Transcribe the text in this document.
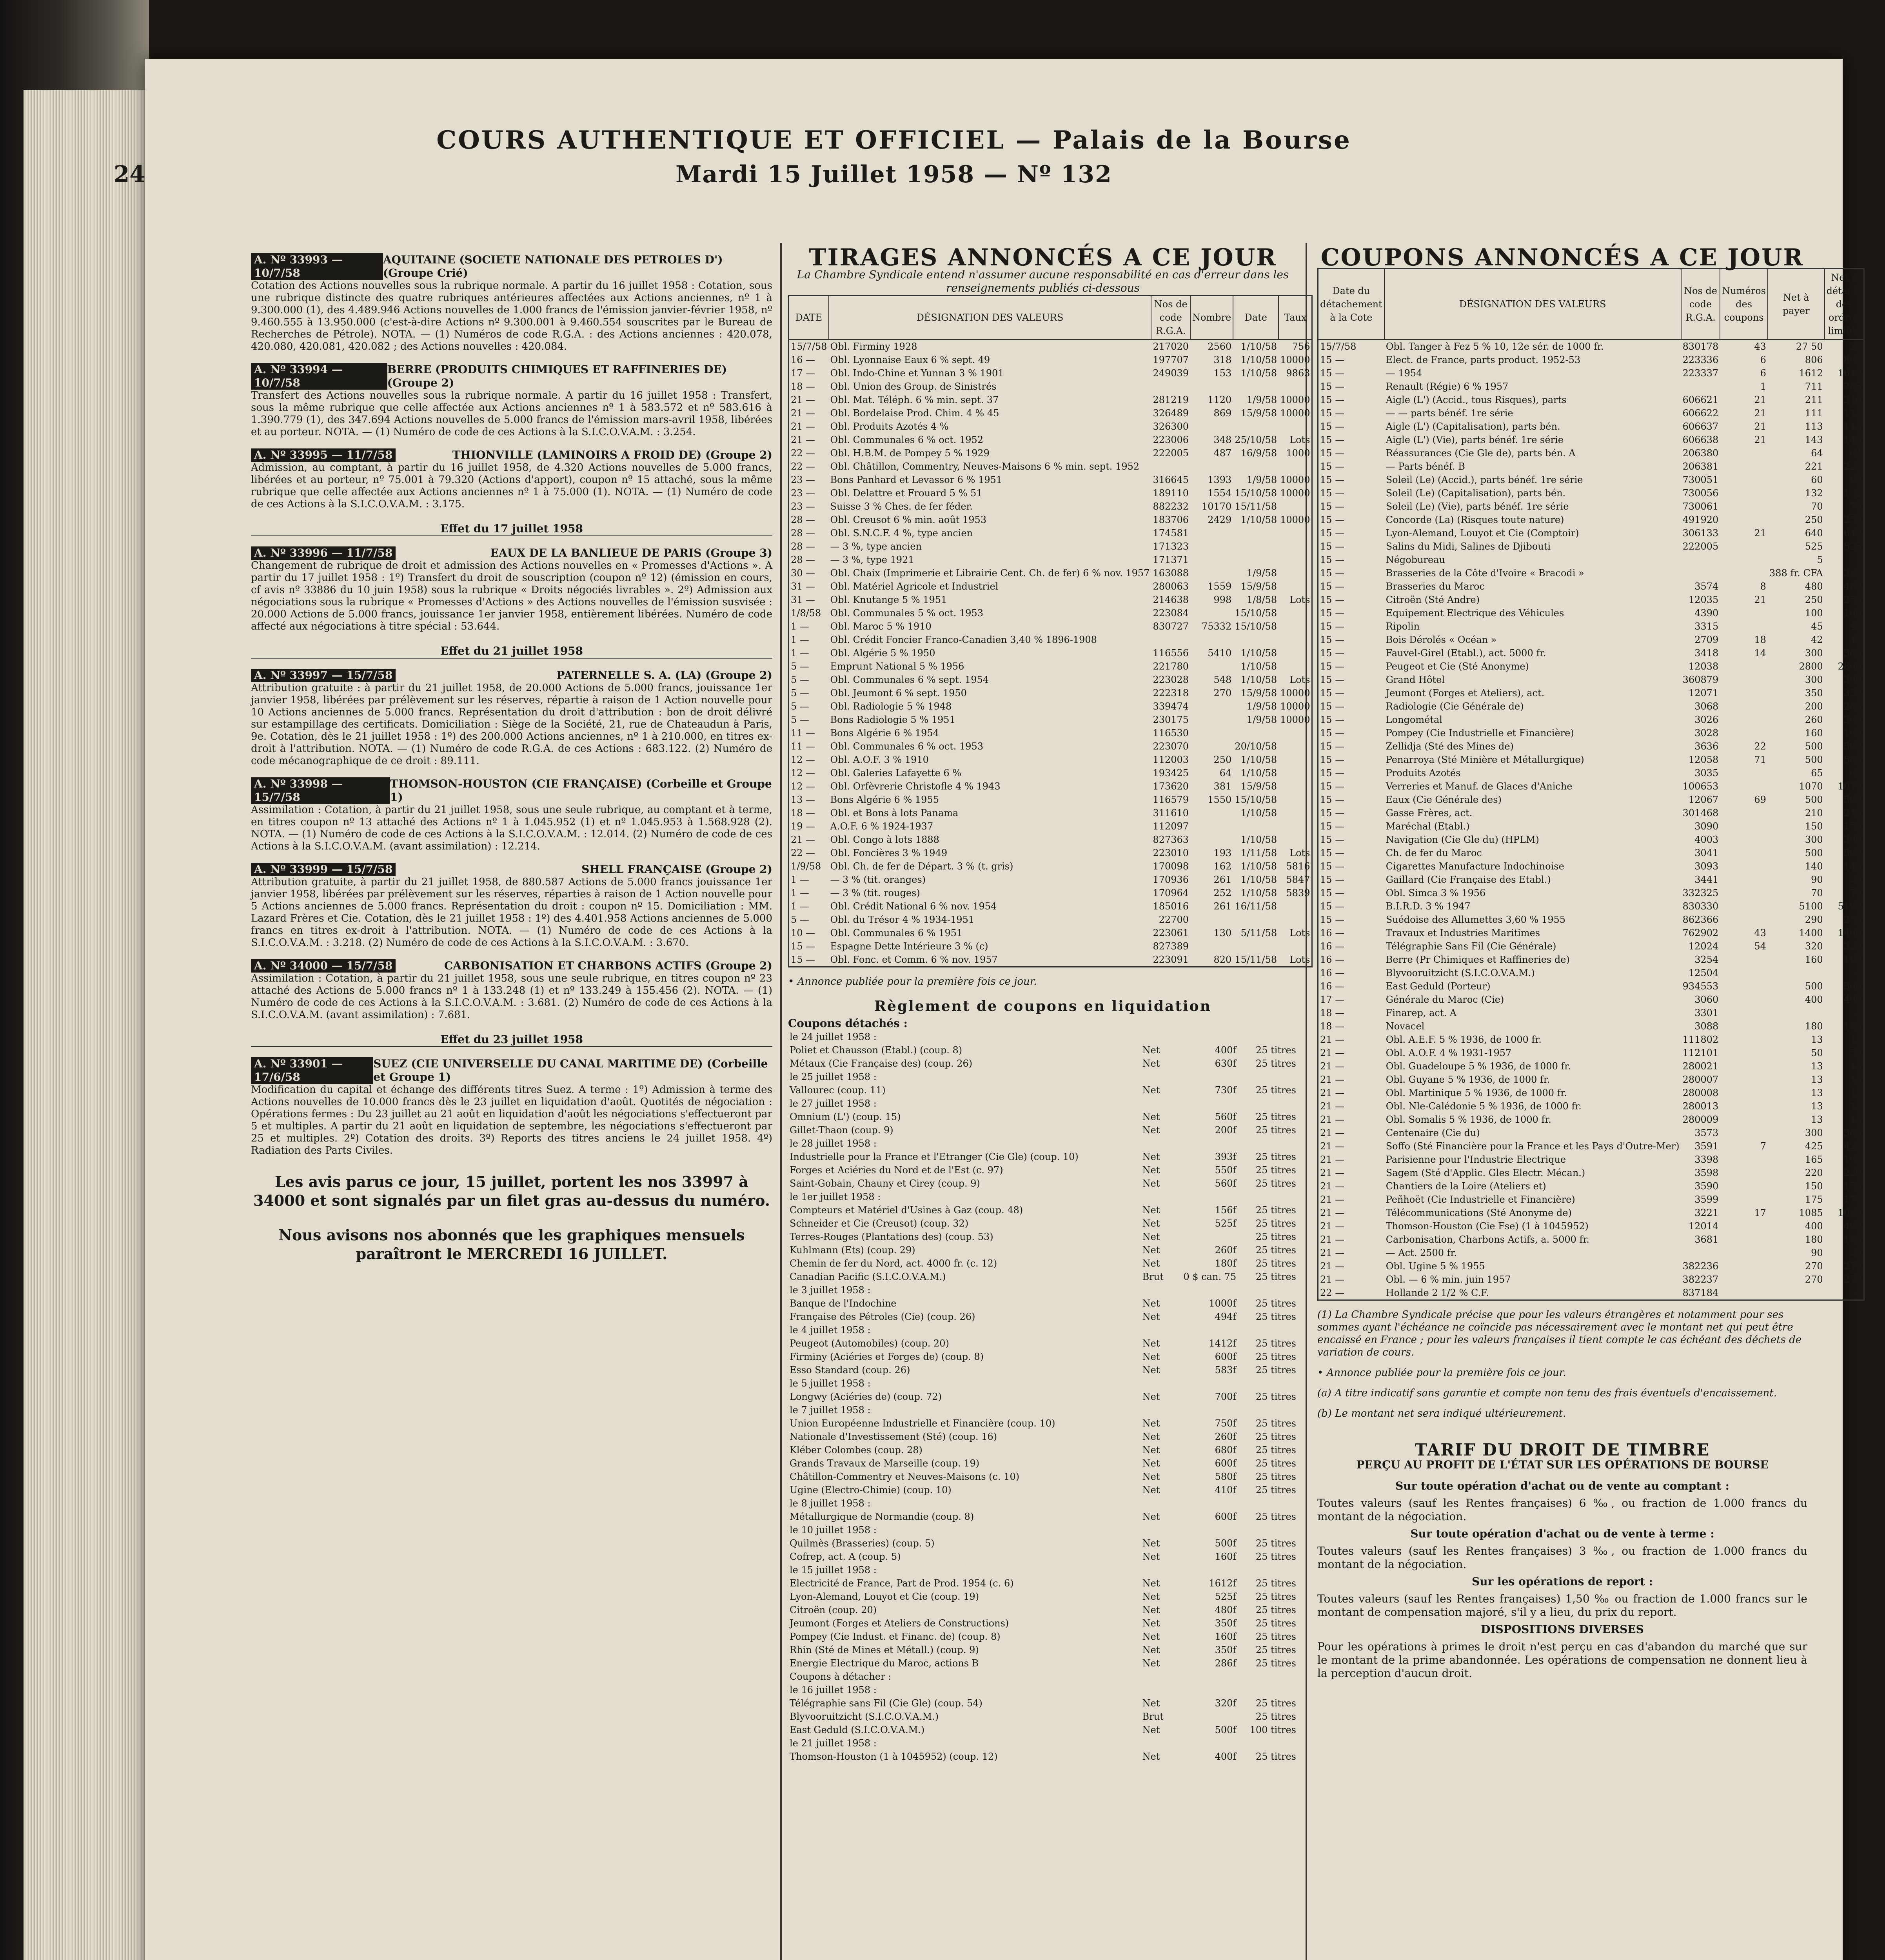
24
COURS AUTHENTIQUE ET OFFICIEL — Palais de la Bourse
Mardi 15 Juillet 1958 — Nº 132
A. Nº 33993 — 10/7/58
AQUITAINE (SOCIETE NATIONALE DES PETROLES D') (Groupe Crié)
Cotation des Actions nouvelles sous la rubrique normale. A partir du 16 juillet 1958 : Cotation, sous une rubrique distincte des quatre rubriques antérieures affectées aux Actions anciennes, nº 1 à 9.300.000 (1), des 4.489.946 Actions nouvelles de 1.000 francs de l'émission janvier-février 1958, nº 9.460.555 à 13.950.000 (c'est-à-dire Actions nº 9.300.001 à 9.460.554 souscrites par le Bureau de Recherches de Pétrole). NOTA. — (1) Numéros de code R.G.A. : des Actions anciennes : 420.078, 420.080, 420.081, 420.082 ; des Actions nouvelles : 420.084.
A. Nº 33994 — 10/7/58
BERRE (PRODUITS CHIMIQUES ET RAFFINERIES DE) (Groupe 2)
Transfert des Actions nouvelles sous la rubrique normale. A partir du 16 juillet 1958 : Transfert, sous la même rubrique que celle affectée aux Actions anciennes nº 1 à 583.572 et nº 583.616 à 1.390.779 (1), des 347.694 Actions nouvelles de 5.000 francs de l'émission mars-avril 1958, libérées et au porteur. NOTA. — (1) Numéro de code de ces Actions à la S.I.C.O.V.A.M. : 3.254.
A. Nº 33995 — 11/7/58	THIONVILLE (LAMINOIRS A FROID DE) (Groupe 2)
Admission, au comptant, à partir du 16 juillet 1958, de 4.320 Actions nouvelles de 5.000 francs, libérées et au porteur, nº 75.001 à 79.320 (Actions d'apport), coupon nº 15 attaché, sous la même rubrique que celle affectée aux Actions anciennes nº 1 à 75.000 (1). NOTA. — (1) Numéro de code de ces Actions à la S.I.C.O.V.A.M. : 3.175.
Effet du 17 juillet 1958
A. Nº 33996 — 11/7/58	EAUX DE LA BANLIEUE DE PARIS (Groupe 3)
Changement de rubrique de droit et admission des Actions nouvelles en « Promesses d'Actions ». A partir du 17 juillet 1958 : 1º) Transfert du droit de souscription (coupon nº 12) (émission en cours, cf avis nº 33886 du 10 juin 1958) sous la rubrique « Droits négociés livrables ». 2º) Admission aux négociations sous la rubrique « Promesses d'Actions » des Actions nouvelles de l'émission susvisée : 20.000 Actions de 5.000 francs, jouissance 1er janvier 1958, entièrement libérées. Numéro de code affecté aux négociations à titre spécial : 53.644.
Effet du 21 juillet 1958
A. Nº 33997 — 15/7/58	PATERNELLE S. A. (LA) (Groupe 2)
Attribution gratuite : à partir du 21 juillet 1958, de 20.000 Actions de 5.000 francs, jouissance 1er janvier 1958, libérées par prélèvement sur les réserves, répartie à raison de 1 Action nouvelle pour 10 Actions anciennes de 5.000 francs. Représentation du droit d'attribution : bon de droit délivré sur estampillage des certificats. Domiciliation : Siège de la Société, 21, rue de Chateaudun à Paris, 9e. Cotation, dès le 21 juillet 1958 : 1º) des 200.000 Actions anciennes, nº 1 à 210.000, en titres ex-droit à l'attribution. NOTA. — (1) Numéro de code R.G.A. de ces Actions : 683.122. (2) Numéro de code mécanographique de ce droit : 89.111.
A. Nº 33998 — 15/7/58
THOMSON-HOUSTON (CIE FRANÇAISE) (Corbeille et Groupe 1)
Assimilation : Cotation, à partir du 21 juillet 1958, sous une seule rubrique, au comptant et à terme, en titres coupon nº 13 attaché des Actions nº 1 à 1.045.952 (1) et nº 1.045.953 à 1.568.928 (2). NOTA. — (1) Numéro de code de ces Actions à la S.I.C.O.V.A.M. : 12.014. (2) Numéro de code de ces Actions à la S.I.C.O.V.A.M. (avant assimilation) : 12.214.
A. Nº 33999 — 15/7/58	SHELL FRANÇAISE (Groupe 2)
Attribution gratuite, à partir du 21 juillet 1958, de 880.587 Actions de 5.000 francs jouissance 1er janvier 1958, libérées par prélèvement sur les réserves, réparties à raison de 1 Action nouvelle pour 5 Actions anciennes de 5.000 francs. Représentation du droit : coupon nº 15. Domiciliation : MM. Lazard Frères et Cie. Cotation, dès le 21 juillet 1958 : 1º) des 4.401.958 Actions anciennes de 5.000 francs en titres ex-droit à l'attribution. NOTA. — (1) Numéro de code de ces Actions à la S.I.C.O.V.A.M. : 3.218. (2) Numéro de code de ces Actions à la S.I.C.O.V.A.M. : 3.670.
A. Nº 34000 — 15/7/58	CARBONISATION ET CHARBONS ACTIFS (Groupe 2)
Assimilation : Cotation, à partir du 21 juillet 1958, sous une seule rubrique, en titres coupon nº 23 attaché des Actions de 5.000 francs nº 1 à 133.248 (1) et nº 133.249 à 155.456 (2). NOTA. — (1) Numéro de code de ces Actions à la S.I.C.O.V.A.M. : 3.681. (2) Numéro de code de ces Actions à la S.I.C.O.V.A.M. (avant assimilation) : 7.681.
Effet du 23 juillet 1958
A. Nº 33901 — 17/6/58
SUEZ (CIE UNIVERSELLE DU CANAL MARITIME DE) (Corbeille et Groupe 1)
Modification du capital et échange des différents titres Suez. A terme : 1º) Admission à terme des Actions nouvelles de 10.000 francs dès le 23 juillet en liquidation d'août. Quotités de négociation : Opérations fermes : Du 23 juillet au 21 août en liquidation d'août les négociations s'effectueront par 5 et multiples. A partir du 21 août en liquidation de septembre, les négociations s'effectueront par 25 et multiples. 2º) Cotation des droits. 3º) Reports des titres anciens le 24 juillet 1958. 4º) Radiation des Parts Civiles.
Les avis parus ce jour, 15 juillet, portent les nos 33997 à 34000 et sont signalés par un filet gras au-dessus du numéro.
Nous avisons nos abonnés que les graphiques mensuels paraîtront le MERCREDI 16 JUILLET.
TIRAGES ANNONCÉS A CE JOUR
La Chambre Syndicale entend n'assumer aucune responsabilité en cas d'erreur dans les renseignements publiés ci-dessous
DATE	DÉSIGNATION DES VALEURS	Nos de code R.G.A.	Nombre	Date	Taux
15/7/58	Obl. Firminy 1928	217020	2560	1/10/58	756
16 —	Obl. Lyonnaise Eaux 6 % sept. 49	197707	318	1/10/58	10000
17 —	Obl. Indo-Chine et Yunnan 3 % 1901	249039	153	1/10/58	9863
18 —	Obl. Union des Group. de Sinistrés				
21 —	Obl. Mat. Téléph. 6 % min. sept. 37	281219	1120	1/9/58	10000
21 —	Obl. Bordelaise Prod. Chim. 4 % 45	326489	869	15/9/58	10000
21 —	Obl. Produits Azotés 4 %	326300			
21 —	Obl. Communales 6 % oct. 1952	223006	348	25/10/58	Lots
22 —	Obl. H.B.M. de Pompey 5 % 1929	222005	487	16/9/58	1000
22 —	Obl. Châtillon, Commentry, Neuves-Maisons 6 % min. sept. 1952				
23 —	Bons Panhard et Levassor 6 % 1951	316645	1393	1/9/58	10000
23 —	Obl. Delattre et Frouard 5 % 51	189110	1554	15/10/58	10000
23 —	Suisse 3 % Ches. de fer féder.	882232	10170	15/11/58	
28 —	Obl. Creusot 6 % min. août 1953	183706	2429	1/10/58	10000
28 —	Obl. S.N.C.F. 4 %, type ancien	174581			
28 —	— 3 %, type ancien	171323			
28 —	— 3 %, type 1921	171371			
30 —	Obl. Chaix (Imprimerie et Librairie Cent. Ch. de fer) 6 % nov. 1957	163088		1/9/58	
31 —	Obl. Matériel Agricole et Industriel	280063	1559	15/9/58	
31 —	Obl. Knutange 5 % 1951	214638	998	1/8/58	Lots
1/8/58	Obl. Communales 5 % oct. 1953	223084		15/10/58	
1 —	Obl. Maroc 5 % 1910	830727	75332	15/10/58	
1 —	Obl. Crédit Foncier Franco-Canadien 3,40 % 1896-1908				
1 —	Obl. Algérie 5 % 1950	116556	5410	1/10/58	
5 —	Emprunt National 5 % 1956	221780		1/10/58	
5 —	Obl. Communales 6 % sept. 1954	223028	548	1/10/58	Lots
5 —	Obl. Jeumont 6 % sept. 1950	222318	270	15/9/58	10000
5 —	Obl. Radiologie 5 % 1948	339474		1/9/58	10000
5 —	Bons Radiologie 5 % 1951	230175		1/9/58	10000
11 —	Bons Algérie 6 % 1954	116530			
11 —	Obl. Communales 6 % oct. 1953	223070		20/10/58	
12 —	Obl. A.O.F. 3 % 1910	112003	250	1/10/58	
12 —	Obl. Galeries Lafayette 6 %	193425	64	1/10/58	
12 —	Obl. Orfèvrerie Christofle 4 % 1943	173620	381	15/9/58	
13 —	Bons Algérie 6 % 1955	116579	1550	15/10/58	
18 —	Obl. et Bons à lots Panama	311610		1/10/58	
19 —	A.O.F. 6 % 1924-1937	112097			
21 —	Obl. Congo à lots 1888	827363		1/10/58	
22 —	Obl. Foncières 3 % 1949	223010	193	1/11/58	Lots
1/9/58	Obl. Ch. de fer de Départ. 3 % (t. gris)	170098	162	1/10/58	5816
1 —	— 3 % (tit. oranges)	170936	261	1/10/58	5847
1 —	— 3 % (tit. rouges)	170964	252	1/10/58	5839
1 —	Obl. Crédit National 6 % nov. 1954	185016	261	16/11/58	
5 —	Obl. du Trésor 4 % 1934-1951	22700			
10 —	Obl. Communales 6 % 1951	223061	130	5/11/58	Lots
15 —	Espagne Dette Intérieure 3 % (c)	827389			
15 —	Obl. Fonc. et Comm. 6 % nov. 1957	223091	820	15/11/58	Lots
• Annonce publiée pour la première fois ce jour.
Règlement de coupons en liquidation
Coupons détachés :
le 24 juillet 1958 :			
Poliet et Chausson (Etabl.) (coup. 8)	Net	400f	25 titres
Métaux (Cie Française des) (coup. 26)	Net	630f	25 titres
le 25 juillet 1958 :			
Vallourec (coup. 11)	Net	730f	25 titres
le 27 juillet 1958 :			
Omnium (L') (coup. 15)	Net	560f	25 titres
Gillet-Thaon (coup. 9)	Net	200f	25 titres
le 28 juillet 1958 :			
Industrielle pour la France et l'Etranger (Cie Gle) (coup. 10)	Net	393f	25 titres
Forges et Aciéries du Nord et de l'Est (c. 97)	Net	550f	25 titres
Saint-Gobain, Chauny et Cirey (coup. 9)	Net	560f	25 titres
le 1er juillet 1958 :			
Compteurs et Matériel d'Usines à Gaz (coup. 48)	Net	156f	25 titres
Schneider et Cie (Creusot) (coup. 32)	Net	525f	25 titres
Terres-Rouges (Plantations des) (coup. 53)	Net		25 titres
Kuhlmann (Ets) (coup. 29)	Net	260f	25 titres
Chemin de fer du Nord, act. 4000 fr. (c. 12)	Net	180f	25 titres
Canadian Pacific (S.I.C.O.V.A.M.)	Brut	0 $ can. 75	25 titres
le 3 juillet 1958 :			
Banque de l'Indochine	Net	1000f	25 titres
Française des Pétroles (Cie) (coup. 26)	Net	494f	25 titres
le 4 juillet 1958 :			
Peugeot (Automobiles) (coup. 20)	Net	1412f	25 titres
Firminy (Aciéries et Forges de) (coup. 8)	Net	600f	25 titres
Esso Standard (coup. 26)	Net	583f	25 titres
le 5 juillet 1958 :			
Longwy (Aciéries de) (coup. 72)	Net	700f	25 titres
le 7 juillet 1958 :			
Union Européenne Industrielle et Financière (coup. 10)	Net	750f	25 titres
Nationale d'Investissement (Sté) (coup. 16)	Net	260f	25 titres
Kléber Colombes (coup. 28)	Net	680f	25 titres
Grands Travaux de Marseille (coup. 19)	Net	600f	25 titres
Châtillon-Commentry et Neuves-Maisons (c. 10)	Net	580f	25 titres
Ugine (Electro-Chimie) (coup. 10)	Net	410f	25 titres
le 8 juillet 1958 :			
Métallurgique de Normandie (coup. 8)	Net	600f	25 titres
le 10 juillet 1958 :			
Quilmès (Brasseries) (coup. 5)	Net	500f	25 titres
Cofrep, act. A (coup. 5)	Net	160f	25 titres
le 15 juillet 1958 :			
Electricité de France, Part de Prod. 1954 (c. 6)	Net	1612f	25 titres
Lyon-Alemand, Louyot et Cie (coup. 19)	Net	525f	25 titres
Citroën (coup. 20)	Net	480f	25 titres
Jeumont (Forges et Ateliers de Constructions)	Net	350f	25 titres
Pompey (Cie Indust. et Financ. de) (coup. 8)	Net	160f	25 titres
Rhin (Sté de Mines et Métall.) (coup. 9)	Net	350f	25 titres
Energie Electrique du Maroc, actions B	Net	286f	25 titres
Coupons à détacher :			
le 16 juillet 1958 :			
Télégraphie sans Fil (Cie Gle) (coup. 54)	Net	320f	25 titres
Blyvooruitzicht (S.I.C.O.V.A.M.)	Brut		25 titres
East Geduld (S.I.C.O.V.A.M.)	Net	500f	100 titres
le 21 juillet 1958 :			
Thomson-Houston (1 à 1045952) (coup. 12)	Net	400f	25 titres
COUPONS ANNONCÉS A CE JOUR
Date du détachement à la Cote	DÉSIGNATION DES VALEURS	Nos de code R.G.A.	Numéros des coupons	Net à payer	Net à détach. des ordres limités
15/7/58	Obl. Tanger à Fez 5 % 10, 12e sér. de 1000 fr.	830178	43	27 50	27
15 —	Elect. de France, parts product. 1952-53	223336	6	806	805
15 —	— 1954	223337	6	1612	1610
15 —	Renault (Régie) 6 % 1957		1	711	705
15 —	Aigle (L') (Accid., tous Risques), parts	606621	21	211	210
15 —	— — parts bénéf. 1re série	606622	21	111	111
15 —	Aigle (L') (Capitalisation), parts bén.	606637	21	113	113
15 —	Aigle (L') (Vie), parts bénéf. 1re série	606638	21	143	143
15 —	Réassurances (Cie Gle de), parts bén. A	206380		64	64
15 —	— Parts bénéf. B	206381		221	221
15 —	Soleil (Le) (Accid.), parts bénéf. 1re série	730051		60	60
15 —	Soleil (Le) (Capitalisation), parts bén.	730056		132	132
15 —	Soleil (Le) (Vie), parts bénéf. 1re série	730061		70	70
15 —	Concorde (La) (Risques toute nature)	491920		250	250
15 —	Lyon-Alemand, Louyot et Cie (Comptoir)	306133	21	640	640
15 —	Salins du Midi, Salines de Djibouti	222005		525	525
15 —	Négobureau			5	5
15 —	Brasseries de la Côte d'Ivoire « Bracodi »			388 fr. CFA	388
15 —	Brasseries du Maroc	3574	8	480	480
15 —	Citroën (Sté Andre)	12035	21	250	250
15 —	Equipement Electrique des Véhicules	4390		100	100
15 —	Ripolin	3315		45	45
15 —	Bois Dérolés « Océan »	2709	18	42	42
15 —	Fauvel-Girel (Etabl.), act. 5000 fr.	3418	14	300	300
15 —	Peugeot et Cie (Sté Anonyme)	12038		2800	2800
15 —	Grand Hôtel	360879		300	300
15 —	Jeumont (Forges et Ateliers), act.	12071		350	350
15 —	Radiologie (Cie Générale de)	3068		200	200
15 —	Longométal	3026		260	260
15 —	Pompey (Cie Industrielle et Financière)	3028		160	160
15 —	Zellidja (Sté des Mines de)	3636	22	500	500
15 —	Penarroya (Sté Minière et Métallurgique)	12058	71	500	500
15 —	Produits Azotés	3035		65	65
15 —	Verreries et Manuf. de Glaces d'Aniche	100653		1070	1070
15 —	Eaux (Cie Générale des)	12067	69	500	500
15 —	Gasse Frères, act.	301468		210	210
15 —	Maréchal (Etabl.)	3090		150	150
15 —	Navigation (Cie Gle du) (HPLM)	4003		300	300
15 —	Ch. de fer du Maroc	3041		500	500
15 —	Cigarettes Manufacture Indochinoise	3093		140	140
15 —	Gaillard (Cie Française des Etabl.)	3441		90	90
15 —	Obl. Simca 3 % 1956	332325		70	70
15 —	B.I.R.D. 3 % 1947	830330		5100	5100
15 —	Suédoise des Allumettes 3,60 % 1955	862366		290	290
16 —	Travaux et Industries Maritimes	762902	43	1400	1400
16 —	Télégraphie Sans Fil (Cie Générale)	12024	54	320	320
16 —	Berre (Pr Chimiques et Raffineries de)	3254		160	160
16 —	Blyvooruitzicht (S.I.C.O.V.A.M.)	12504			—
16 —	East Geduld (Porteur)	934553		500	500
17 —	Générale du Maroc (Cie)	3060		400	400
18 —	Finarep, act. A	3301			—
18 —	Novacel	3088		180	180
21 —	Obl. A.E.F. 5 % 1936, de 1000 fr.	111802		13	13
21 —	Obl. A.O.F. 4 % 1931-1957	112101		50	50
21 —	Obl. Guadeloupe 5 % 1936, de 1000 fr.	280021		13	13
21 —	Obl. Guyane 5 % 1936, de 1000 fr.	280007		13	13
21 —	Obl. Martinique 5 % 1936, de 1000 fr.	280008		13	13
21 —	Obl. Nle-Calédonie 5 % 1936, de 1000 fr.	280013		13	13
21 —	Obl. Somalis 5 % 1936, de 1000 fr.	280009		13	13
21 —	Centenaire (Cie du)	3573		300	300
21 —	Soffo (Sté Financière pour la France et les Pays d'Outre-Mer)	3591	7	425	425
21 —	Parisienne pour l'Industrie Electrique	3398		165	165
21 —	Sagem (Sté d'Applic. Gles Electr. Mécan.)	3598		220	220
21 —	Chantiers de la Loire (Ateliers et)	3590		150	150
21 —	Peñhoët (Cie Industrielle et Financière)	3599		175	175
21 —	Télécommunications (Sté Anonyme de)	3221	17	1085	1080
21 —	Thomson-Houston (Cie Fse) (1 à 1045952)	12014		400	400
21 —	Carbonisation, Charbons Actifs, a. 5000 fr.	3681		180	180
21 —	— Act. 2500 fr.			90	90
21 —	Obl. Ugine 5 % 1955	382236		270	270
21 —	Obl. — 6 % min. juin 1957	382237		270	270
22 —	Hollande 2 1/2 % C.F.	837184			—
(1) La Chambre Syndicale précise que pour les valeurs étrangères et notamment pour ses sommes ayant l'échéance ne coïncide pas nécessairement avec le montant net qui peut être encaissé en France ; pour les valeurs françaises il tient compte le cas échéant des déchets de variation de cours.
• Annonce publiée pour la première fois ce jour.
(a) A titre indicatif sans garantie et compte non tenu des frais éventuels d'encaissement.
(b) Le montant net sera indiqué ultérieurement.
TARIF DU DROIT DE TIMBRE
PERÇU AU PROFIT DE L'ÉTAT SUR LES OPÉRATIONS DE BOURSE

Sur toute opération d'achat ou de vente au comptant :

Toutes valeurs (sauf les Rentes françaises) 6 ‰, ou fraction de 1.000 francs du montant de la négociation.

Sur toute opération d'achat ou de vente à terme :

Toutes valeurs (sauf les Rentes françaises) 3 ‰, ou fraction de 1.000 francs du montant de la négociation.

Sur les opérations de report :

Toutes valeurs (sauf les Rentes françaises) 1,50 ‰ ou fraction de 1.000 francs sur le montant de compensation majoré, s'il y a lieu, du prix du report.

DISPOSITIONS DIVERSES

Pour les opérations à primes le droit n'est perçu en cas d'abandon du marché que sur le montant de la prime abandonnée. Les opérations de compensation ne donnent lieu à la perception d'aucun droit.
